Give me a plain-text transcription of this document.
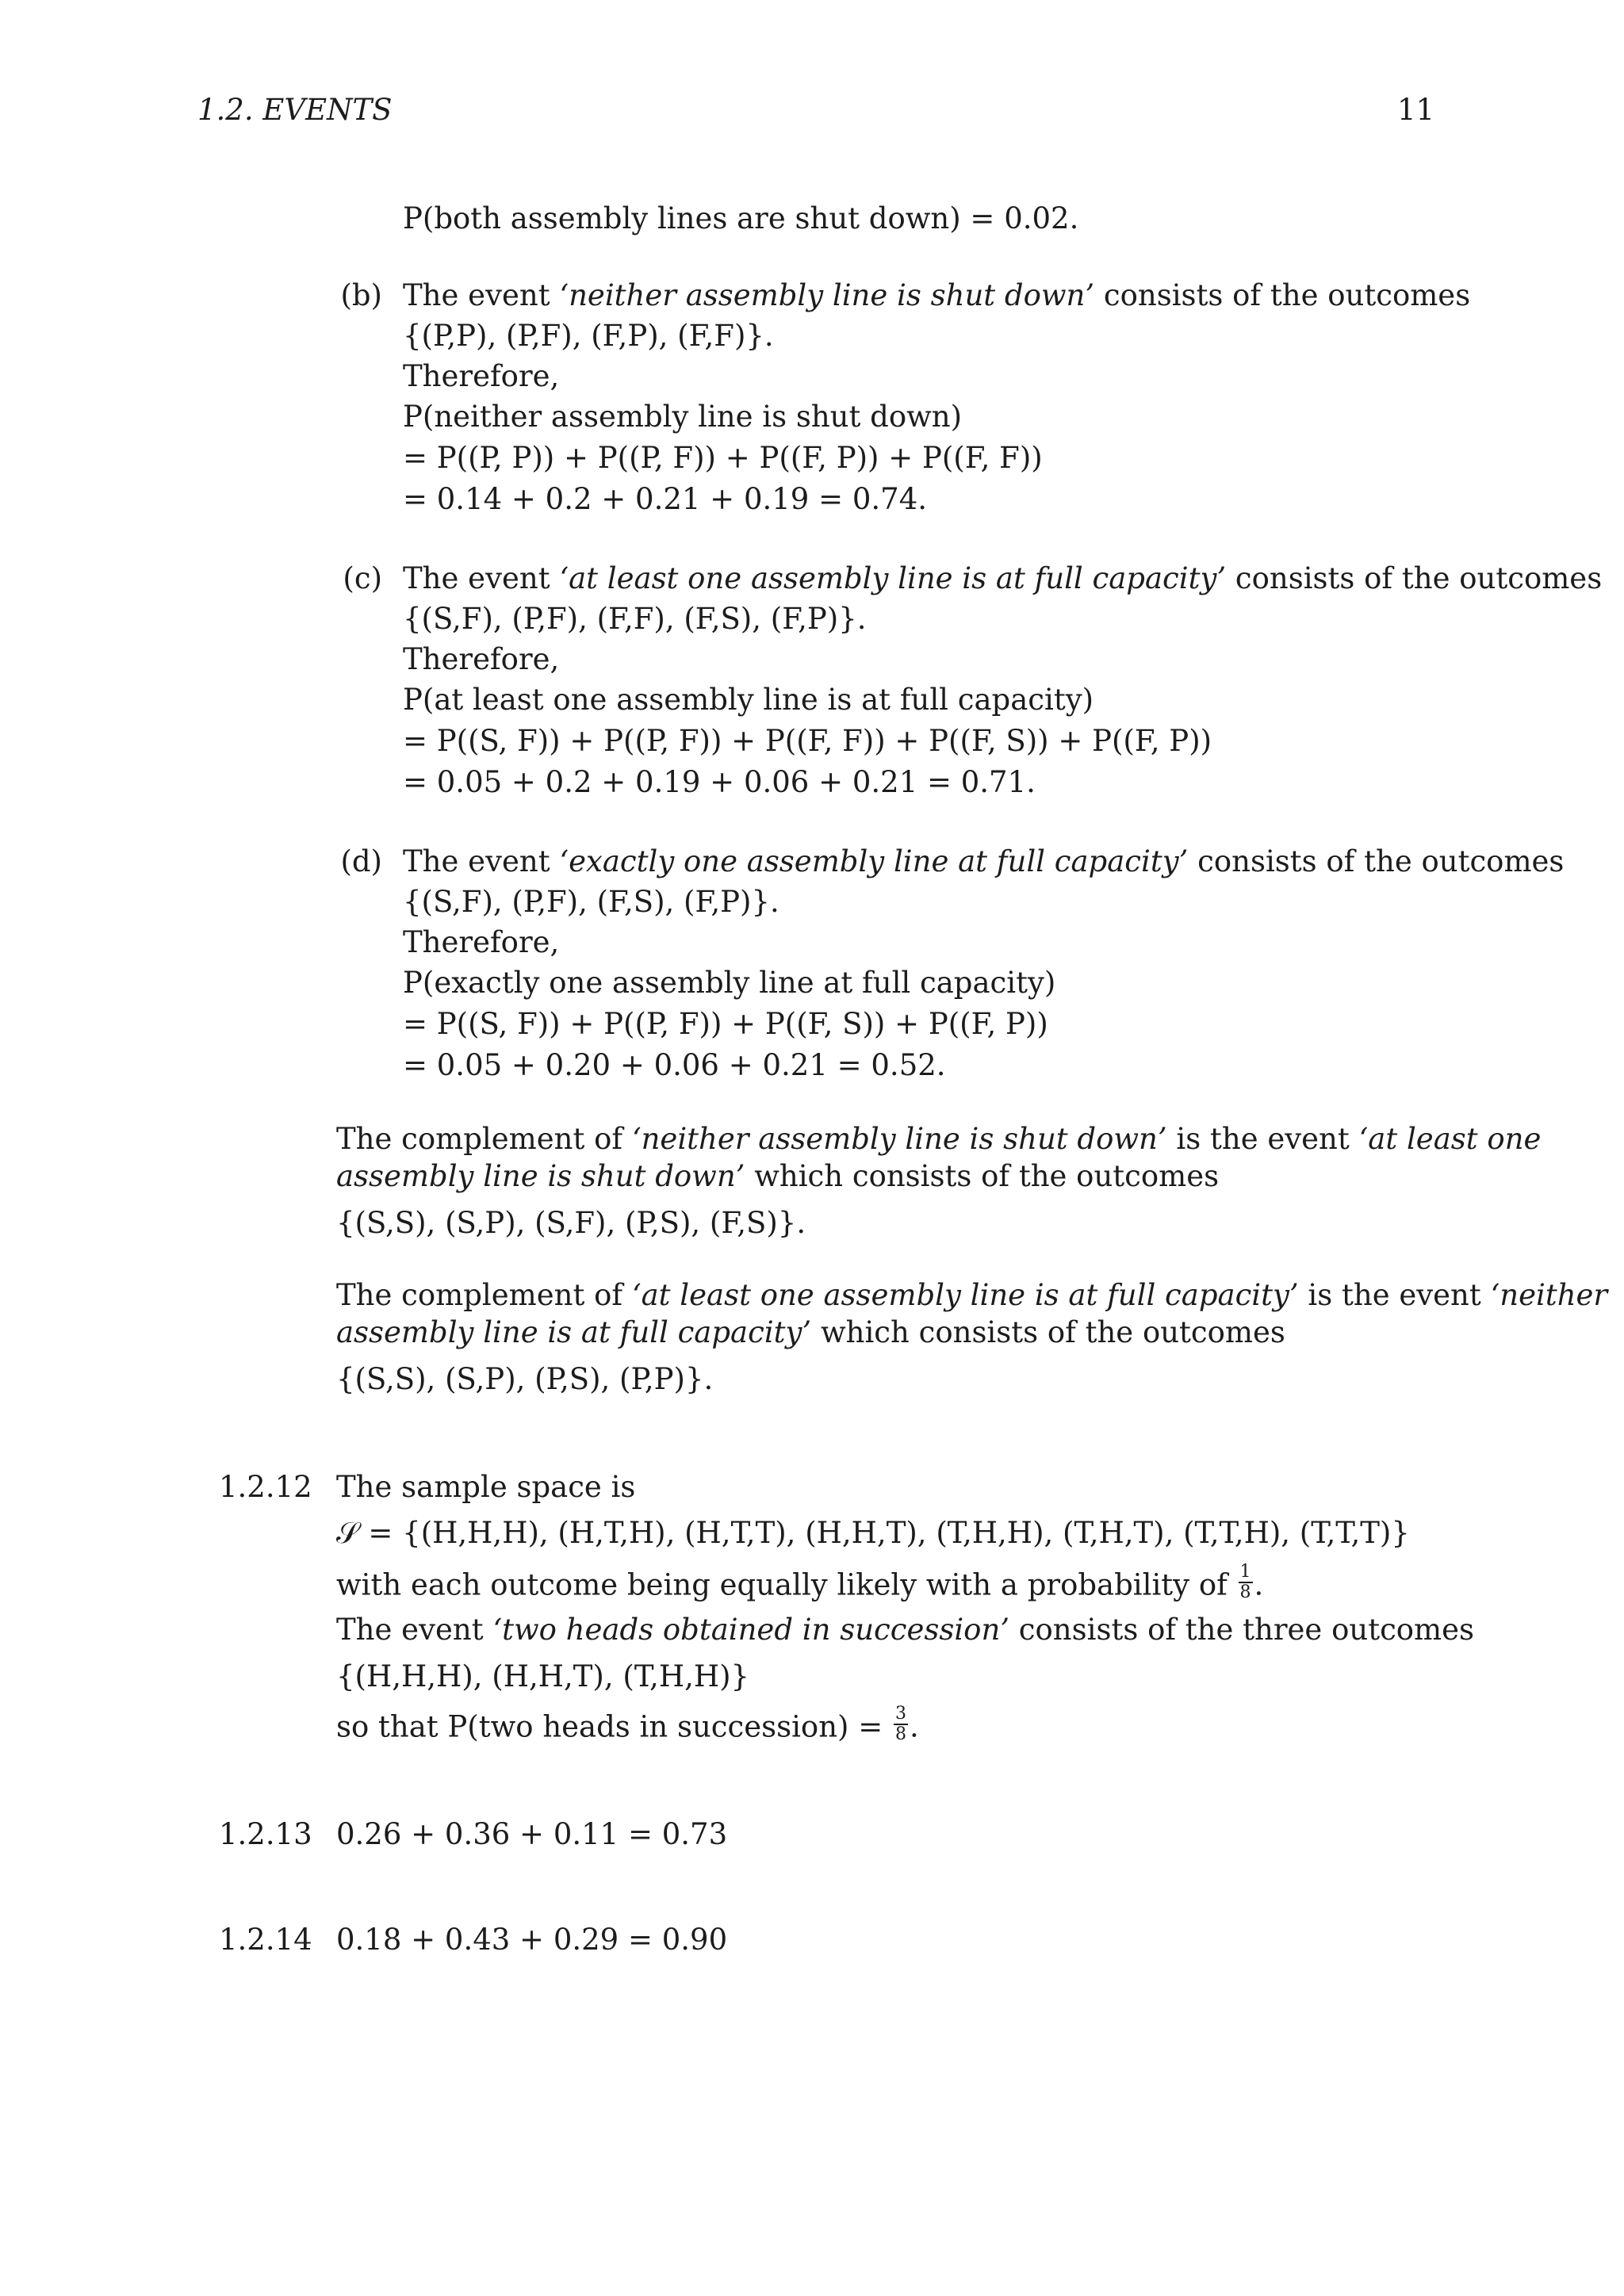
1.2. EVENTS	11
P(both assembly lines are shut down) = 0.02.
(b) The event ‘neither assembly line is shut down’ consists of the outcomes
{(P,P), (P,F), (F,P), (F,F)}.
Therefore,
P(neither assembly line is shut down)
= P((P, P)) + P((P, F)) + P((F, P)) + P((F, F))
= 0.14 + 0.2 + 0.21 + 0.19 = 0.74.
(c) The event ‘at least one assembly line is at full capacity’ consists of the outcomes
{(S,F), (P,F), (F,F), (F,S), (F,P)}.
Therefore,
P(at least one assembly line is at full capacity)
= P((S, F)) + P((P, F)) + P((F, F)) + P((F, S)) + P((F, P))
= 0.05 + 0.2 + 0.19 + 0.06 + 0.21 = 0.71.
(d) The event ‘exactly one assembly line at full capacity’ consists of the outcomes
{(S,F), (P,F), (F,S), (F,P)}.
Therefore,
P(exactly one assembly line at full capacity)
= P((S, F)) + P((P, F)) + P((F, S)) + P((F, P))
= 0.05 + 0.20 + 0.06 + 0.21 = 0.52.
The complement of ‘neither assembly line is shut down’ is the event ‘at least one
assembly line is shut down’ which consists of the outcomes
{(S,S), (S,P), (S,F), (P,S), (F,S)}.
The complement of ‘at least one assembly line is at full capacity’ is the event ‘neither
assembly line is at full capacity’ which consists of the outcomes
{(S,S), (S,P), (P,S), (P,P)}.
1.2.12 The sample space is
𝒮 = {(H,H,H), (H,T,H), (H,T,T), (H,H,T), (T,H,H), (T,H,T), (T,T,H), (T,T,T)}
with each outcome being equally likely with a probability of $\frac{1}{8}$ .
The event ‘two heads obtained in succession’ consists of the three outcomes
{(H,H,H), (H,H,T), (T,H,H)}
so that P(two heads in succession) = $\frac{3}{8}$ .
1.2.13 0.26 + 0.36 + 0.11 = 0.73
1.2.14 0.18 + 0.43 + 0.29 = 0.90
